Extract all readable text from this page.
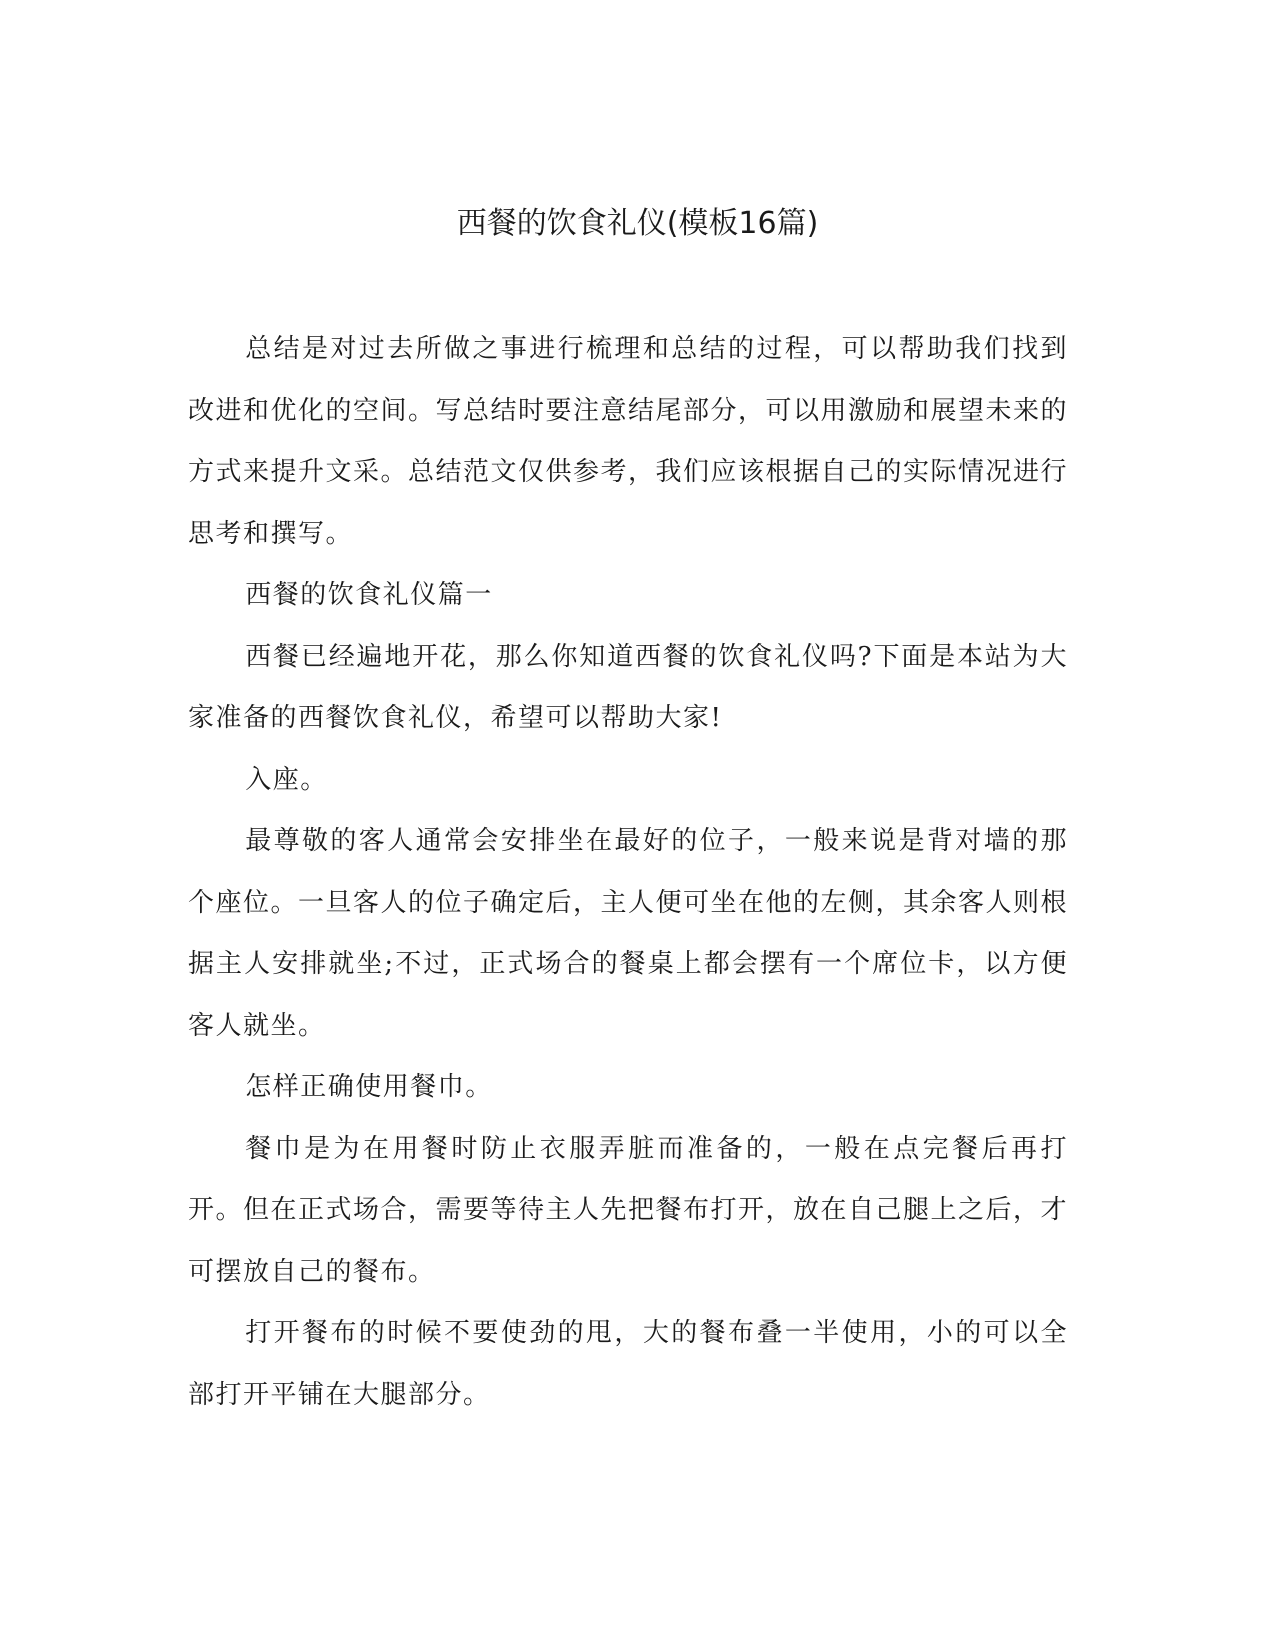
西餐的饮食礼仪(模板16篇)

总结是对过去所做之事进行梳理和总结的过程，可以帮助我们找到改进和优化的空间。写总结时要注意结尾部分，可以用激励和展望未来的方式来提升文采。总结范文仅供参考，我们应该根据自己的实际情况进行思考和撰写。

西餐的饮食礼仪篇一

西餐已经遍地开花，那么你知道西餐的饮食礼仪吗?下面是本站为大家准备的西餐饮食礼仪，希望可以帮助大家!

入座。

最尊敬的客人通常会安排坐在最好的位子，一般来说是背对墙的那个座位。一旦客人的位子确定后，主人便可坐在他的左侧，其余客人则根据主人安排就坐;不过，正式场合的餐桌上都会摆有一个席位卡，以方便客人就坐。

怎样正确使用餐巾。

餐巾是为在用餐时防止衣服弄脏而准备的，一般在点完餐后再打开。但在正式场合，需要等待主人先把餐布打开，放在自己腿上之后，才可摆放自己的餐布。

打开餐布的时候不要使劲的甩，大的餐布叠一半使用，小的可以全部打开平铺在大腿部分。
